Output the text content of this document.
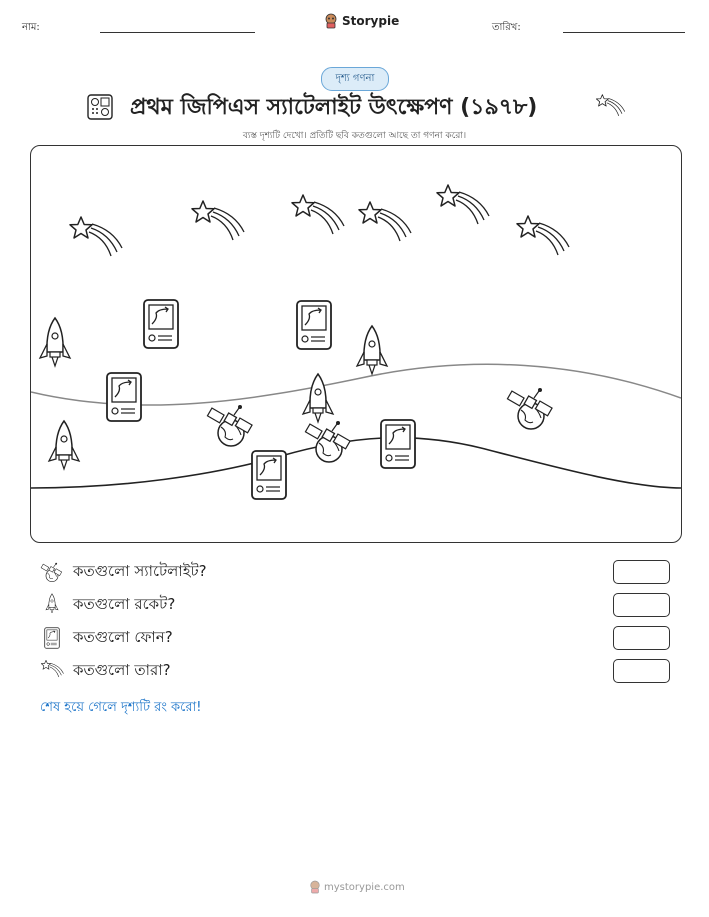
নাম:	Storypie	তারিখ:
দৃশ্য গণনা
প্রথম জিপিএস স্যাটেলাইট উৎক্ষেপণ (১৯৭৮)
ব্যস্ত দৃশ্যটি দেখো। প্রতিটি ছবি কতগুলো আছে তা গণনা করো।
কতগুলো স্যাটেলাইট?
কতগুলো রকেট?
কতগুলো ফোন?
কতগুলো তারা?
শেষ হয়ে গেলে দৃশ্যটি রং করো!
mystorypie.com
